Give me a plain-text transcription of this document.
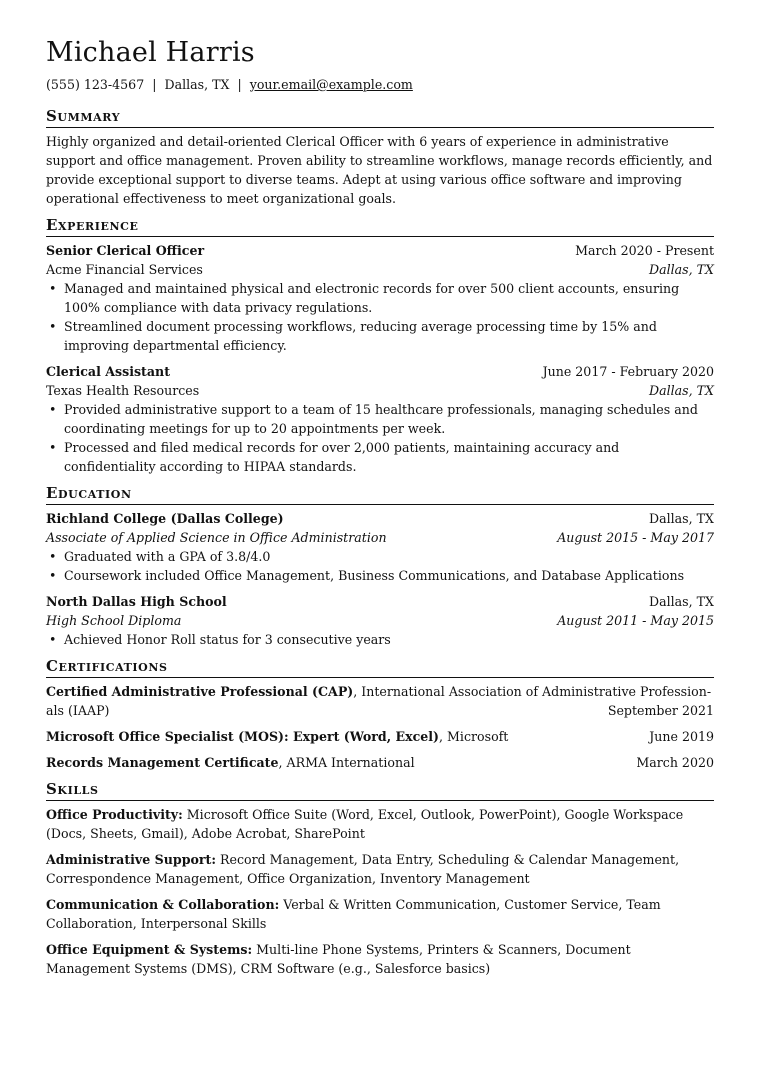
Michael Harris
(555) 123-4567 | Dallas, TX | your.email@example.com
Summary

Highly organized and detail-oriented Clerical Officer with 6 years of experience in administrative support and office management. Proven ability to streamline workflows, manage records efficiently, and provide exceptional support to diverse teams. Adept at using various office software and improving operational effectiveness to meet organizational goals.

Experience
Senior Clerical Officer	March 2020 - Present
Acme Financial Services	Dallas, TX
• Managed and maintained physical and electronic records for over 500 client accounts, ensuring 100% compliance with data privacy regulations.
• Streamlined document processing workflows, reducing average processing time by 15% and improving departmental efficiency.
Clerical Assistant	June 2017 - February 2020
Texas Health Resources	Dallas, TX
• Provided administrative support to a team of 15 healthcare professionals, managing schedules and coordinating meetings for up to 20 appointments per week.
• Processed and filed medical records for over 2,000 patients, maintaining accuracy and confidentiality according to HIPAA standards.
Education
Richland College (Dallas College)	Dallas, TX
Associate of Applied Science in Office Administration	August 2015 - May 2017
• Graduated with a GPA of 3.8/4.0
• Coursework included Office Management, Business Communications, and Database Applications
North Dallas High School	Dallas, TX
High School Diploma	August 2011 - May 2015
• Achieved Honor Roll status for 3 consecutive years
Certifications
Certified Administrative Professional (CAP), International Association of Administrative Profession-
als (IAAP)	September 2021
Microsoft Office Specialist (MOS): Expert (Word, Excel), Microsoft	June 2019
Records Management Certificate, ARMA International	March 2020
Skills
Office Productivity: Microsoft Office Suite (Word, Excel, Outlook, PowerPoint), Google Workspace (Docs, Sheets, Gmail), Adobe Acrobat, SharePoint
Administrative Support: Record Management, Data Entry, Scheduling & Calendar Management, Correspondence Management, Office Organization, Inventory Management
Communication & Collaboration: Verbal & Written Communication, Customer Service, Team Collaboration, Interpersonal Skills
Office Equipment & Systems: Multi-line Phone Systems, Printers & Scanners, Document Management Systems (DMS), CRM Software (e.g., Salesforce basics)
